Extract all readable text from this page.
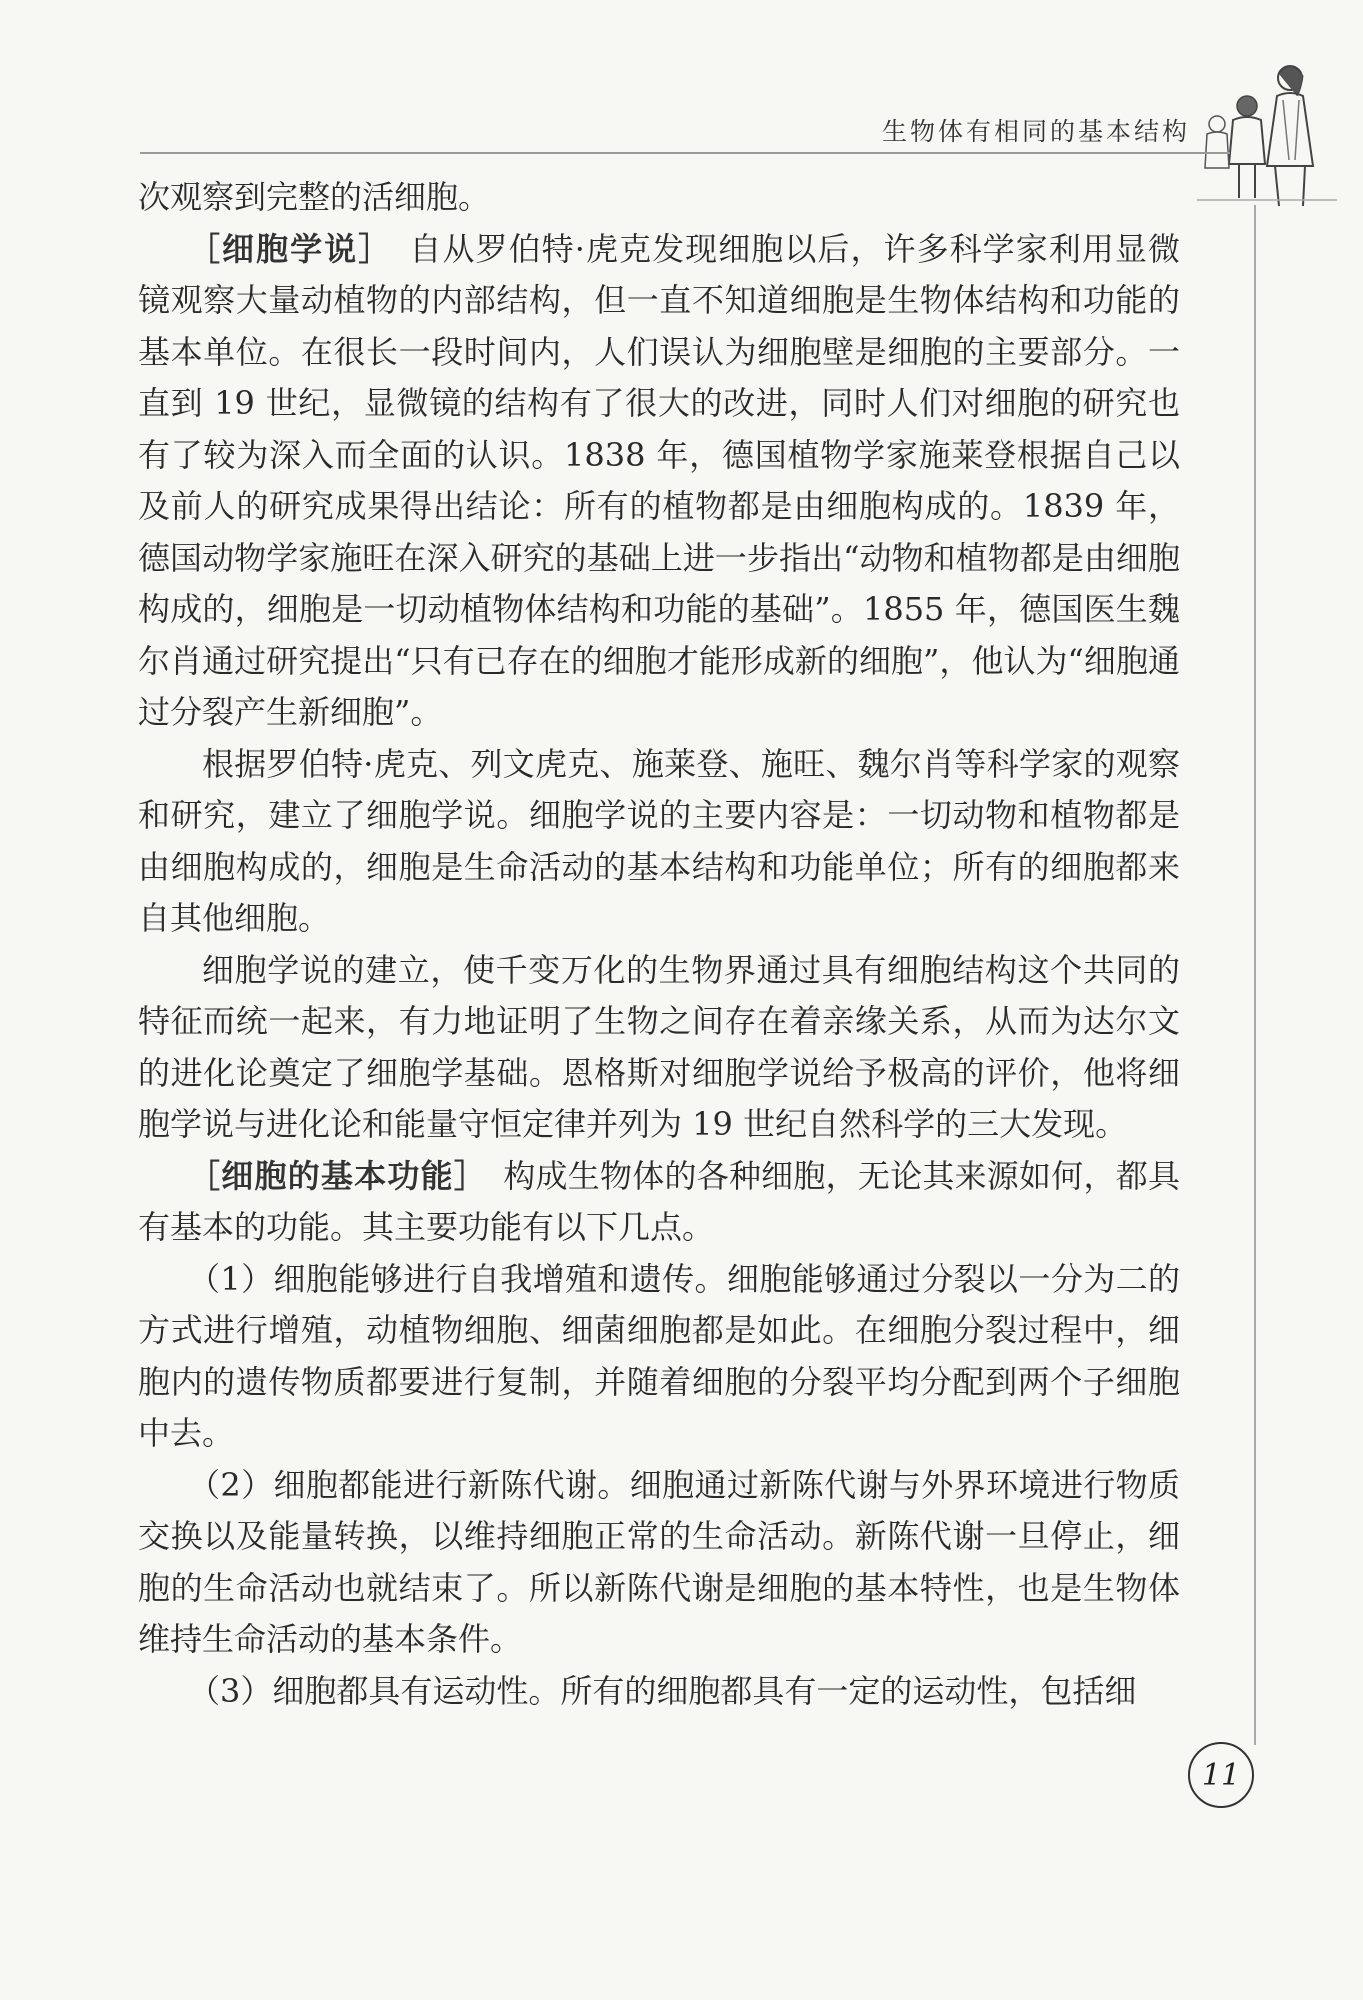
生物体有相同的基本结构

次观察到完整的活细胞。

［细胞学说］　自从罗伯特·虎克发现细胞以后，许多科学家利用显微镜观察大量动植物的内部结构，但一直不知道细胞是生物体结构和功能的基本单位。在很长一段时间内，人们误认为细胞壁是细胞的主要部分。一直到 19 世纪，显微镜的结构有了很大的改进，同时人们对细胞的研究也有了较为深入而全面的认识。1838 年，德国植物学家施莱登根据自己以及前人的研究成果得出结论：所有的植物都是由细胞构成的。1839 年，德国动物学家施旺在深入研究的基础上进一步指出“动物和植物都是由细胞构成的，细胞是一切动植物体结构和功能的基础”。1855 年，德国医生魏尔肖通过研究提出“只有已存在的细胞才能形成新的细胞”，他认为“细胞通过分裂产生新细胞”。

根据罗伯特·虎克、列文虎克、施莱登、施旺、魏尔肖等科学家的观察和研究，建立了细胞学说。细胞学说的主要内容是：一切动物和植物都是由细胞构成的，细胞是生命活动的基本结构和功能单位；所有的细胞都来自其他细胞。

细胞学说的建立，使千变万化的生物界通过具有细胞结构这个共同的特征而统一起来，有力地证明了生物之间存在着亲缘关系，从而为达尔文的进化论奠定了细胞学基础。恩格斯对细胞学说给予极高的评价，他将细胞学说与进化论和能量守恒定律并列为 19 世纪自然科学的三大发现。

［细胞的基本功能］　构成生物体的各种细胞，无论其来源如何，都具有基本的功能。其主要功能有以下几点。

（1）细胞能够进行自我增殖和遗传。细胞能够通过分裂以一分为二的方式进行增殖，动植物细胞、细菌细胞都是如此。在细胞分裂过程中，细胞内的遗传物质都要进行复制，并随着细胞的分裂平均分配到两个子细胞中去。

（2）细胞都能进行新陈代谢。细胞通过新陈代谢与外界环境进行物质交换以及能量转换，以维持细胞正常的生命活动。新陈代谢一旦停止，细胞的生命活动也就结束了。所以新陈代谢是细胞的基本特性，也是生物体维持生命活动的基本条件。

（3）细胞都具有运动性。所有的细胞都具有一定的运动性，包括细

11
